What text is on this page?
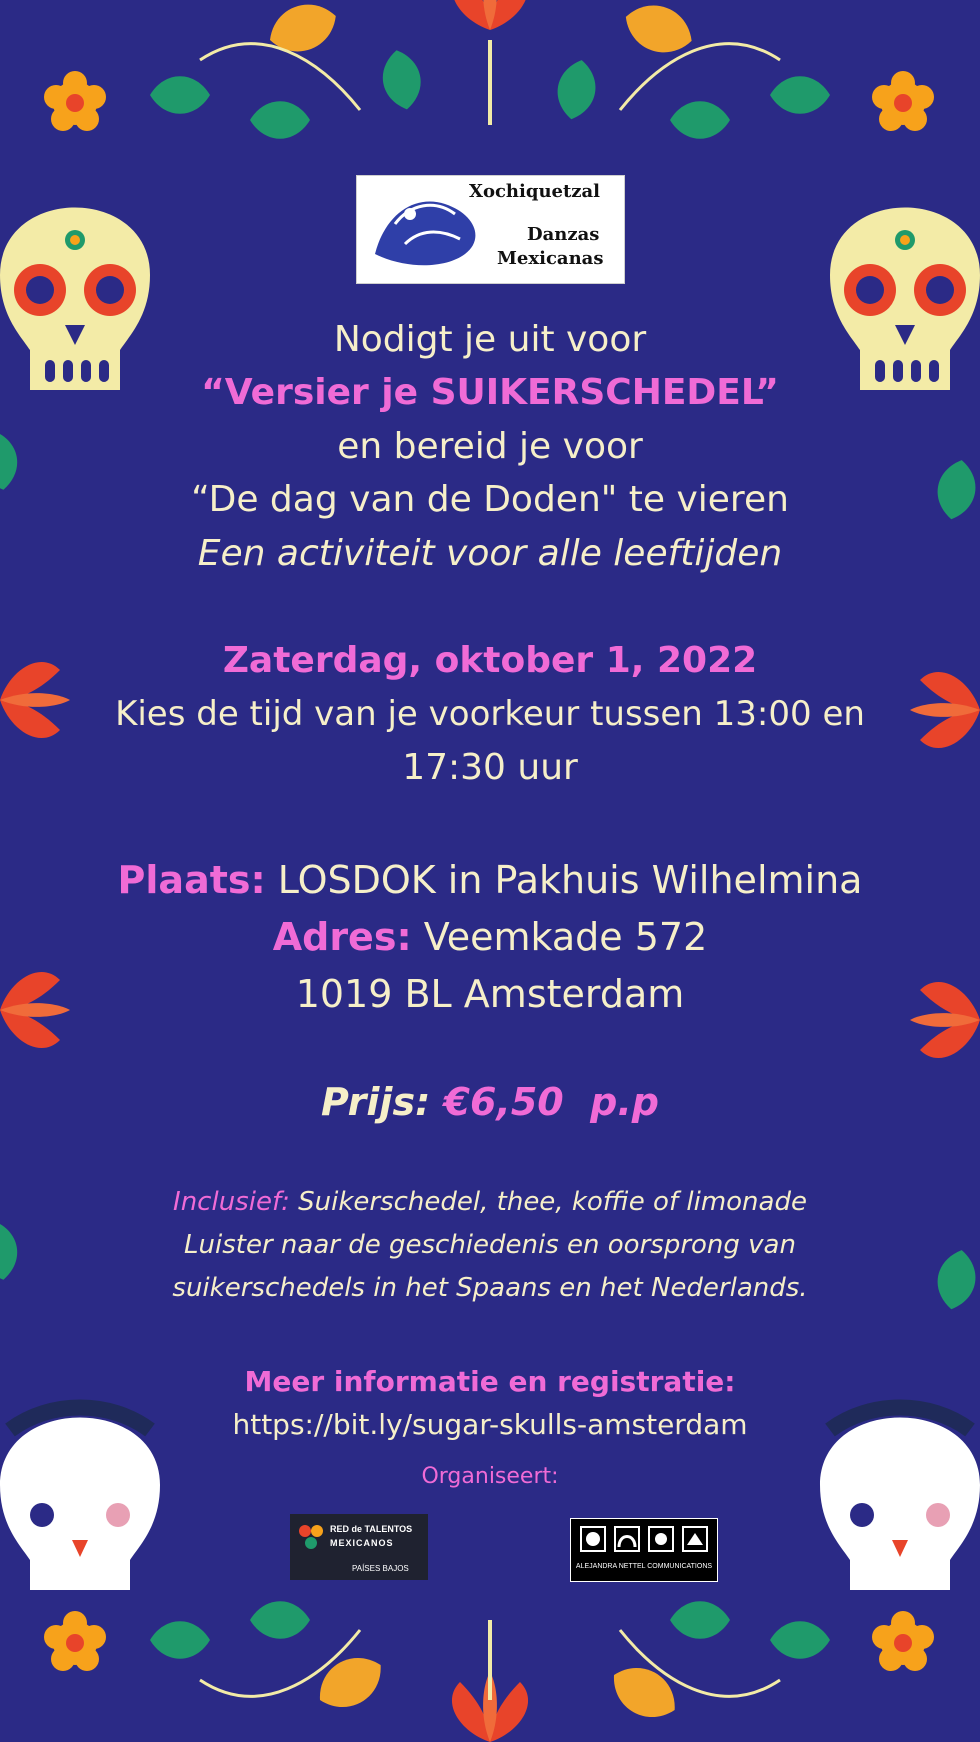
Xochiquetzal
Danzas
Mexicanas
Nodigt je uit voor
“Versier je SUIKERSCHEDEL”
en bereid je voor
“De dag van de Doden" te vieren
Een activiteit voor alle leeftijden
Zaterdag, oktober 1, 2022
Kies de tijd van je voorkeur tussen 13:00 en
17:30 uur
Plaats: LOSDOK in Pakhuis Wilhelmina
Adres: Veemkade 572
1019 BL Amsterdam
Prijs: €6,50  p.p
Inclusief: Suikerschedel, thee, koffie of limonade
Luister naar de geschiedenis en oorsprong van
suikerschedels in het Spaans en het Nederlands.
Meer informatie en registratie:
https://bit.ly/sugar-skulls-amsterdam
Organiseert:
RED de TALENTOS
MEXICANOS
PAÍSES BAJOS	ALEJANDRA NETTEL COMMUNICATIONS
